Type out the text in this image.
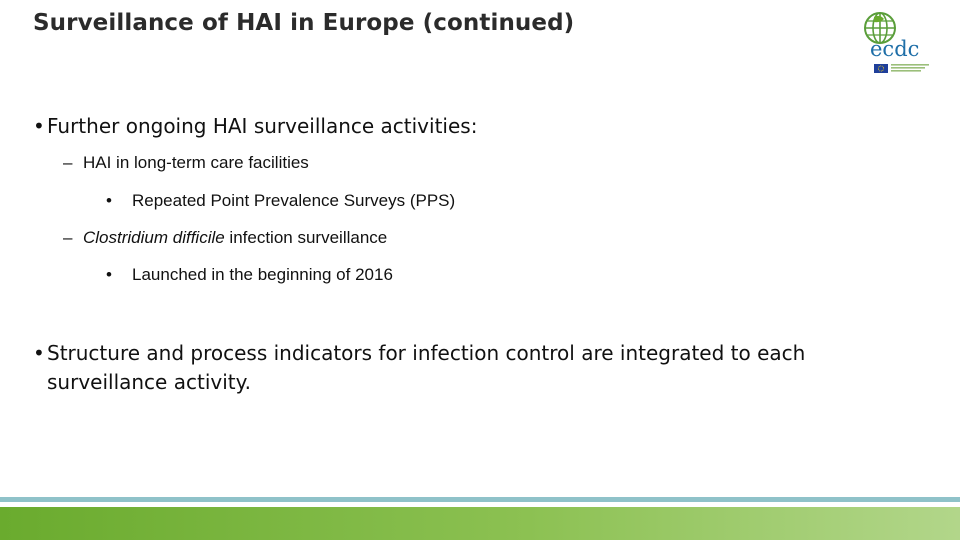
Surveillance of HAI in Europe (continued)
ecdc
• Further ongoing HAI surveillance activities:
– HAI in long-term care facilities
• Repeated Point Prevalence Surveys (PPS)
– Clostridium difficile infection surveillance
• Launched in the beginning of 2016
• Structure and process indicators for infection control are integrated to each surveillance activity.
